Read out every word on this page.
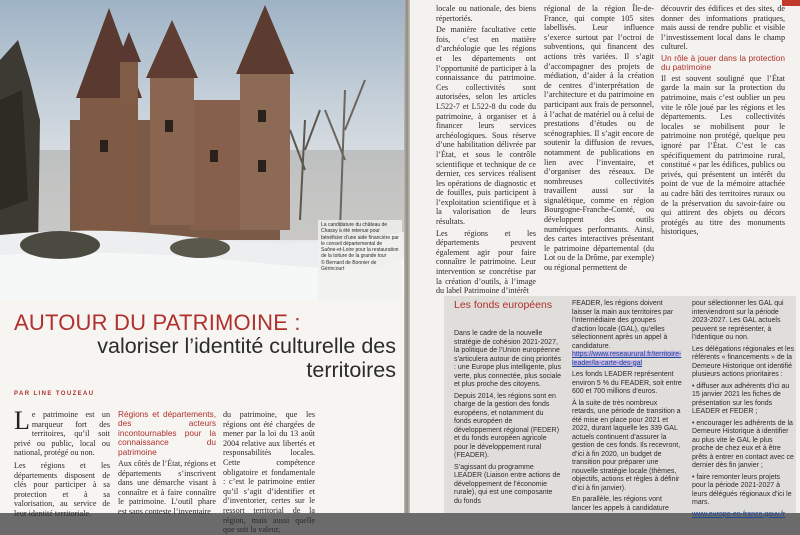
La candidature du château de Chassy a été retenue pour bénéficier d’une aide financière par le conseil départemental de Saône-et-Loire pour la restauration de la toiture de la grande tour
© Bernard de Bonnier de Gérincourt
AUTOUR DU PATRIMOINE :
valoriser l’identité culturelle des territoires
PAR LINE TOUZEAU

Le patrimoine est un marqueur fort des territoires, qu’il soit privé ou public, local ou national, protégé ou non.

Les régions et les départements disposent de clés pour participer à sa protection et à sa valorisation, au service de leur identité territoriale.

Régions et départements, des acteurs incontournables pour la connaissance du patrimoine

Aux côtés de l’État, régions et départements s’inscrivent dans une démarche visant à connaître et à faire connaître le patrimoine. L’outil phare est sans conteste l’inventaire

du patrimoine, que les régions ont été chargées de mener par la loi du 13 août 2004 relative aux libertés et responsabilités locales. Cette compétence obligatoire et fondamentale : c’est le patrimoine entier qu’il s’agit d’identifier et d’inventorier, certes sur le ressort territorial de la région, mais aussi quelle que soit la valeur,

locale ou nationale, des biens répertoriés.

De manière facultative cette fois, c’est en matière d’archéologie que les régions et les départements ont l’opportunité de participer à la connaissance du patrimoine. Ces collectivités sont autorisées, selon les articles L522-7 et L522-8 du code du patrimoine, à organiser et à financer leurs services archéologiques. Sous réserve d’une habilitation délivrée par l’État, et sous le contrôle scientifique et technique de ce dernier, ces services réalisent les opérations de diagnostic et de fouilles, puis participent à l’exploitation scientifique et à la valorisation de leurs résultats.

Les régions et les départements peuvent également agir pour faire connaître le patrimoine. Leur intervention se concrétise par la création d’outils, à l’image du label Patrimoine d’intérêt

régional de la région Île-de-France, qui compte 105 sites labellisés. Leur influence s’exerce surtout par l’octroi de subventions, qui financent des actions très variées. Il s’agit d’accompagner des projets de médiation, d’aider à la création de centres d’interprétation de l’architecture et du patrimoine en participant aux frais de personnel, à l’achat de matériel ou à celui de prestations d’études ou de scénographies. Il s’agit encore de soutenir la diffusion de revues, notamment de publications en lien avec l’inventaire, et d’organiser des réseaux. De nombreuses collectivités travaillent aussi sur la signalétique, comme en région Bourgogne-Franche-Comté, ou développent des outils numériques performants. Ainsi, des cartes interactives présentant le patrimoine départemental (du Lot ou de la Drôme, par exemple) ou régional permettent de

découvrir des édifices et des sites, de donner des informations pratiques, mais aussi de rendre public et visible l’investissement local dans le champ culturel.

Un rôle à jouer dans la protection du patrimoine

Il est souvent souligné que l’État garde la main sur la protection du patrimoine, mais c’est oublier un peu vite le rôle joué par les régions et les départements. Les collectivités locales se mobilisent pour le patrimoine non protégé, quelque peu ignoré par l’État. C’est le cas spécifiquement du patrimoine rural, constitué « par les édifices, publics ou privés, qui présentent un intérêt du point de vue de la mémoire attachée au cadre bâti des territoires ruraux ou de la préservation du savoir-faire ou qui attirent des objets ou décors protégés au titre des monuments historiques,

Les fonds européens

Dans le cadre de la nouvelle stratégie de cohésion 2021-2027, la politique de l’Union européenne s’articulera autour de cinq priorités : une Europe plus intelligente, plus verte, plus connectée, plus sociale et plus proche des citoyens.

Depuis 2014, les régions sont en charge de la gestion des fonds européens, et notamment du fonds européen de développement régional (FEDER) et du fonds européen agricole pour le développement rural (FEADER).

S’agissant du programme LEADER (Liaison entre actions de développement de l’économie rurale), qui est une composante du fonds

FEADER, les régions doivent laisser la main aux territoires par l’intermédiaire des groupes d’action locale (GAL), qu’elles sélectionnent après un appel à candidature. https://www.reseaurural.fr/territoire-leader/la-carte-des-gal

Les fonds LEADER représentent environ 5 % du FEADER, soit entre 600 et 700 millions d’euros.

À la suite de très nombreux retards, une période de transition a été mise en place pour 2021 et 2022, durant laquelle les 339 GAL actuels continuent d’assurer la gestion de ces fonds. Ils recevront, d’ici à fin 2020, un budget de transition pour préparer une nouvelle stratégie locale (thèmes, objectifs, actions et règles à définir d’ici à fin janvier).

En parallèle, les régions vont lancer les appels à candidature

pour sélectionner les GAL qui interviendront sur la période 2023-2027. Les GAL actuels peuvent se représenter, à l’identique ou non.

Les délégations régionales et les référents « financements » de la Demeure Historique ont identifié plusieurs actions prioritaires :

• diffuser aux adhérents d’ici au 15 janvier 2021 les fiches de présentation sur les fonds LEADER et FEDER ;

• encourager les adhérents de la Demeure Historique à identifier au plus vite le GAL le plus proche de chez eux et à être prêts à entrer en contact avec ce dernier dès fin janvier ;

• faire remonter leurs projets pour la période 2021-2027 à leurs délégués régionaux d’ici le mars.

www.europe-en-france.gouv.fr
